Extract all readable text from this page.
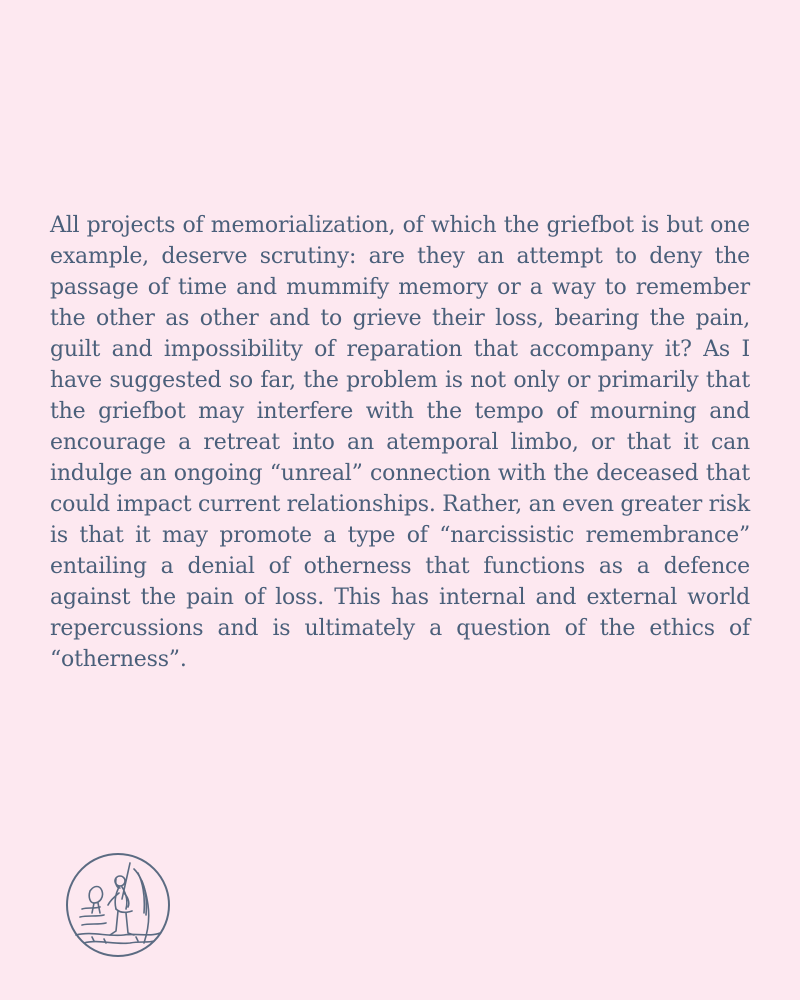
All projects of memorialization, of which the griefbot is but one example, deserve scrutiny: are they an attempt to deny the passage of time and mummify memory or a way to remember the other as other and to grieve their loss, bearing the pain, guilt and impossibility of reparation that accompany it? As I have suggested so far, the problem is not only or primarily that the griefbot may interfere with the tempo of mourning and encourage a retreat into an atemporal limbo, or that it can indulge an ongoing “unreal” connection with the deceased that could impact current relationships. Rather, an even greater risk is that it may promote a type of “narcissistic remembrance” entailing a denial of otherness that functions as a defence against the pain of loss. This has internal and external world repercussions and is ultimately a question of the ethics of “otherness”.
